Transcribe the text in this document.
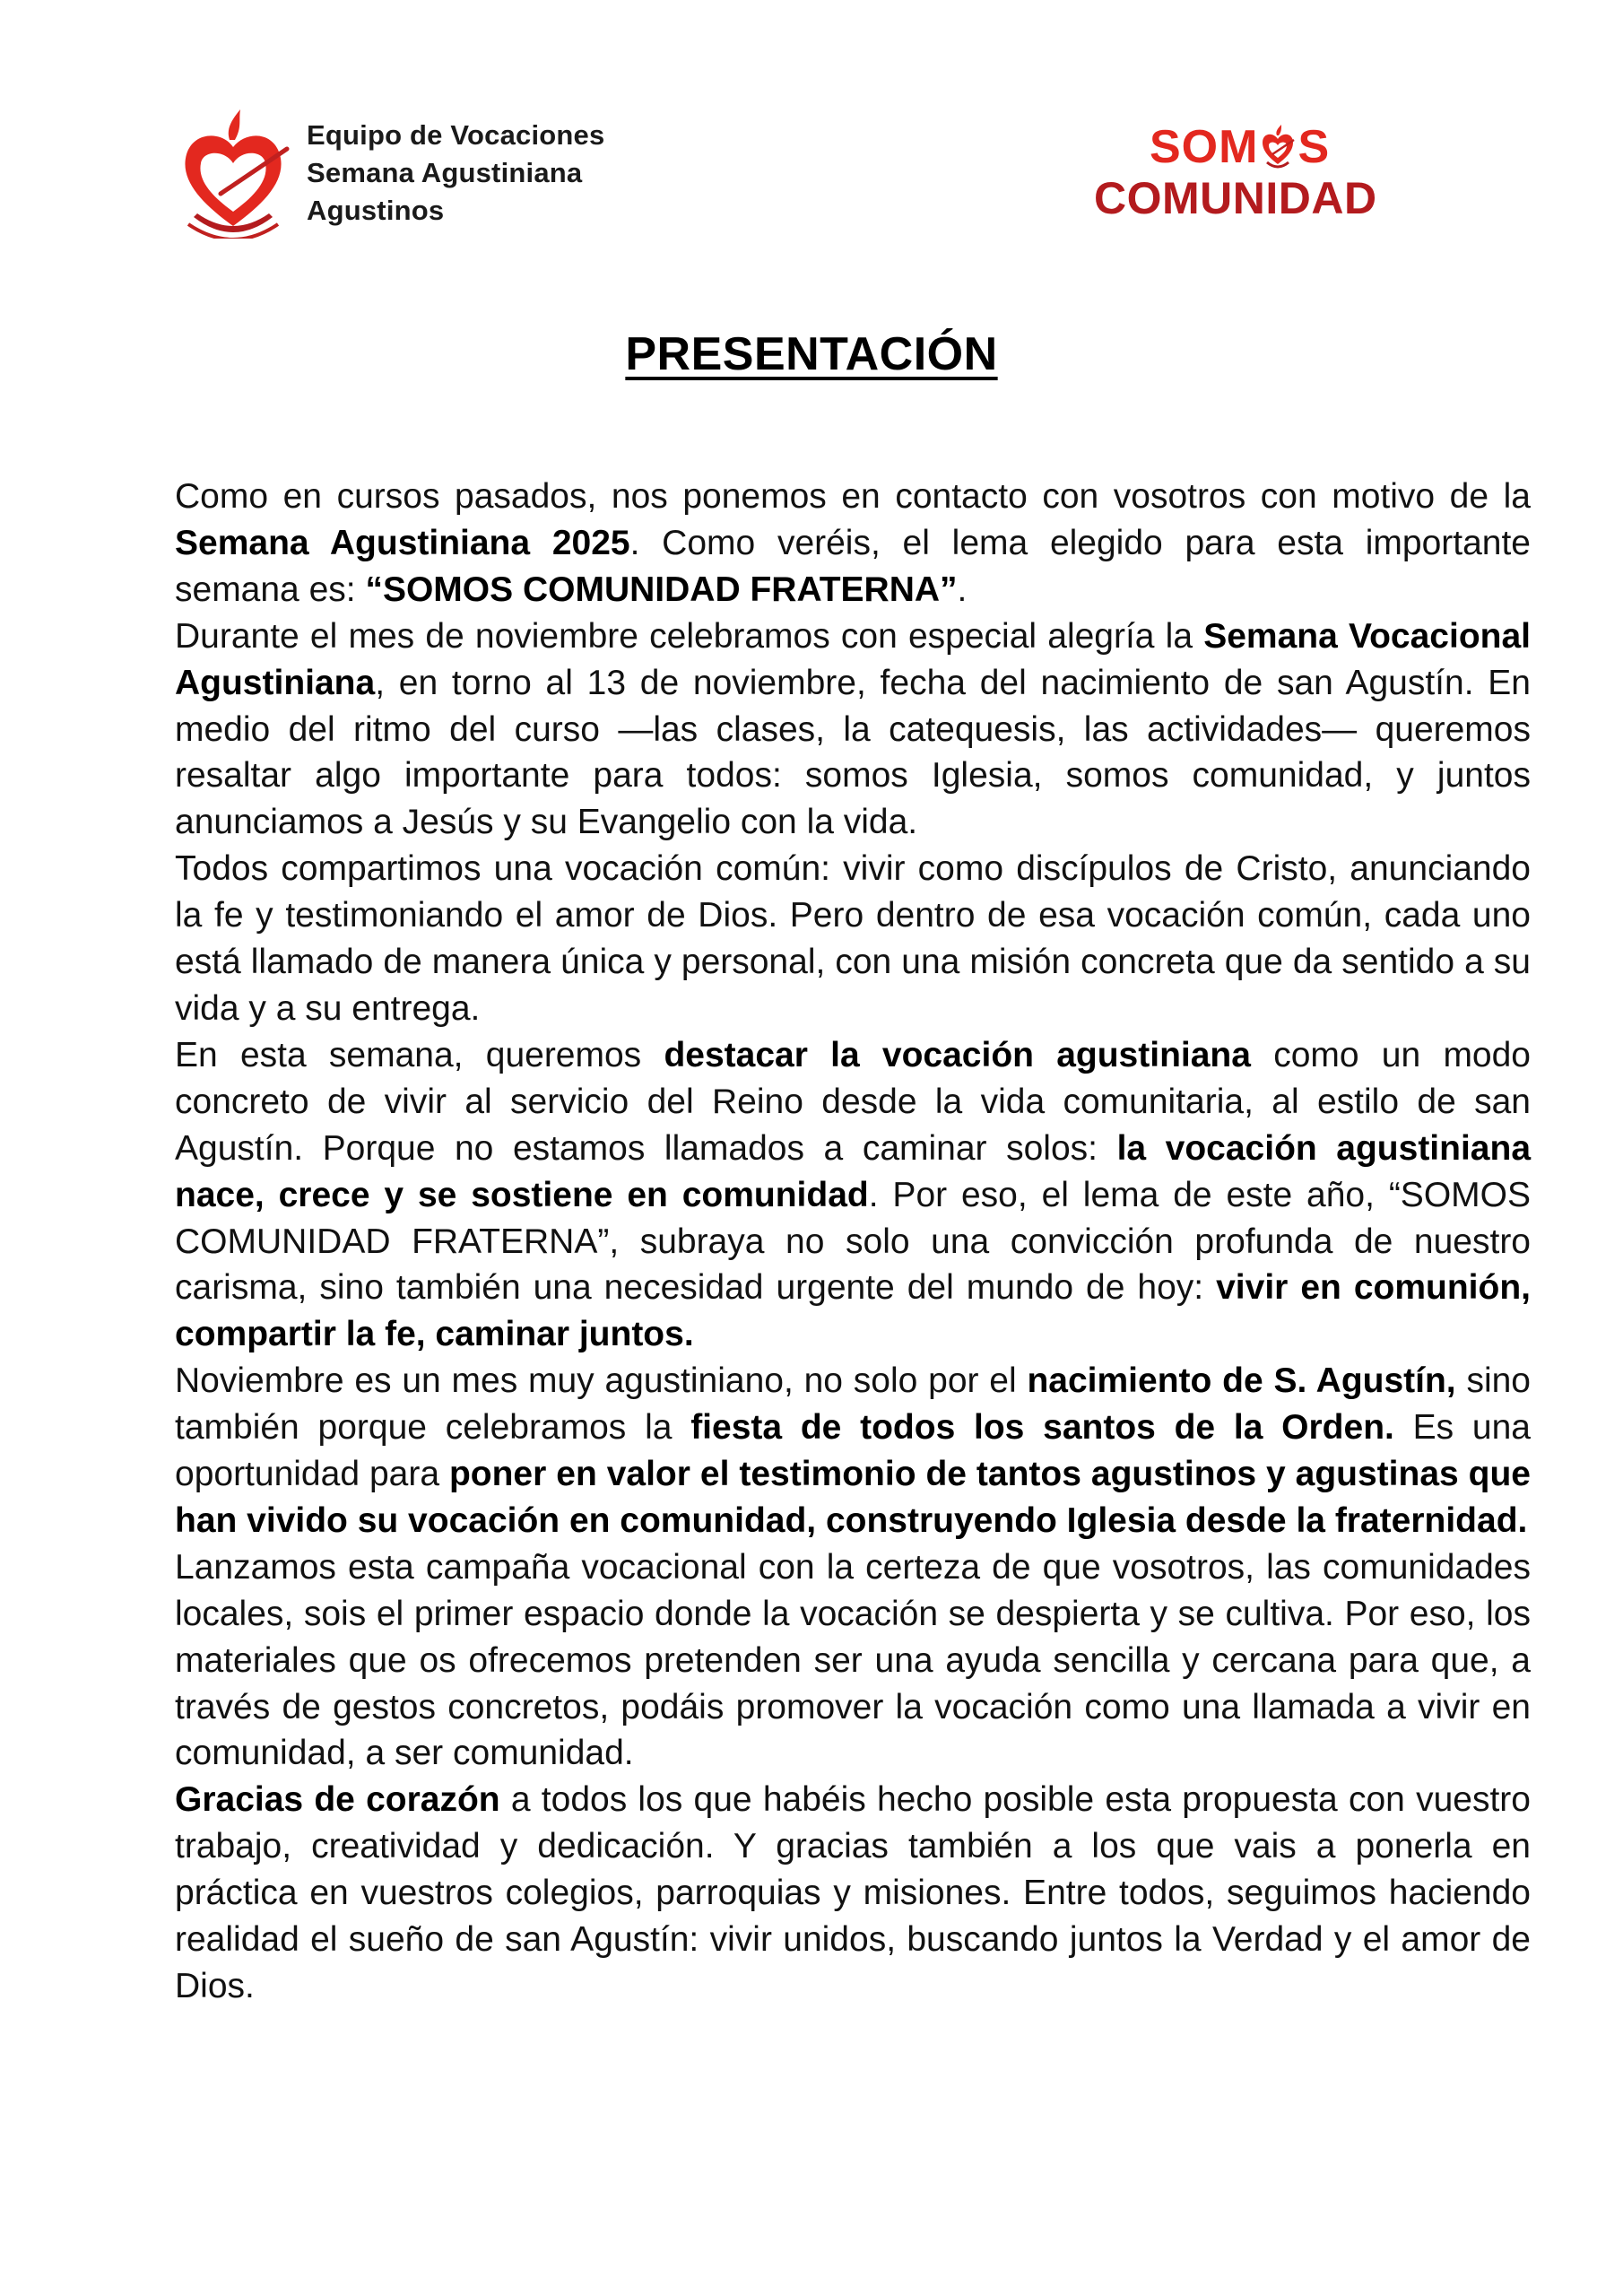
Equipo de Vocaciones
Semana Agustiniana
Agustinos
SOM S
COMUNIDAD
PRESENTACIÓN

Como en cursos pasados, nos ponemos en contacto con vosotros con motivo de la Semana Agustiniana 2025. Como veréis, el lema elegido para esta importante semana es: “SOMOS COMUNIDAD FRATERNA”.

Durante el mes de noviembre celebramos con especial alegría la Semana Vocacional Agustiniana, en torno al 13 de noviembre, fecha del nacimiento de san Agustín. En medio del ritmo del curso —las clases, la catequesis, las actividades— queremos resaltar algo importante para todos: somos Iglesia, somos comunidad, y juntos anunciamos a Jesús y su Evangelio con la vida.

Todos compartimos una vocación común: vivir como discípulos de Cristo, anunciando la fe y testimoniando el amor de Dios. Pero dentro de esa vocación común, cada uno está llamado de manera única y personal, con una misión concreta que da sentido a su vida y a su entrega.

En esta semana, queremos destacar la vocación agustiniana como un modo concreto de vivir al servicio del Reino desde la vida comunitaria, al estilo de san Agustín. Porque no estamos llamados a caminar solos: la vocación agustiniana nace, crece y se sostiene en comunidad. Por eso, el lema de este año, “SOMOS COMUNIDAD FRATERNA”, subraya no solo una convicción profunda de nuestro carisma, sino también una necesidad urgente del mundo de hoy: vivir en comunión, compartir la fe, caminar juntos.

Noviembre es un mes muy agustiniano, no solo por el nacimiento de S. Agustín, sino también porque celebramos la fiesta de todos los santos de la Orden. Es una oportunidad para poner en valor el testimonio de tantos agustinos y agustinas que han vivido su vocación en comunidad, construyendo Iglesia desde la fraternidad.

Lanzamos esta campaña vocacional con la certeza de que vosotros, las comunidades locales, sois el primer espacio donde la vocación se despierta y se cultiva. Por eso, los materiales que os ofrecemos pretenden ser una ayuda sencilla y cercana para que, a través de gestos concretos, podáis promover la vocación como una llamada a vivir en comunidad, a ser comunidad.

Gracias de corazón a todos los que habéis hecho posible esta propuesta con vuestro trabajo, creatividad y dedicación. Y gracias también a los que vais a ponerla en práctica en vuestros colegios, parroquias y misiones. Entre todos, seguimos haciendo realidad el sueño de san Agustín: vivir unidos, buscando juntos la Verdad y el amor de Dios.
